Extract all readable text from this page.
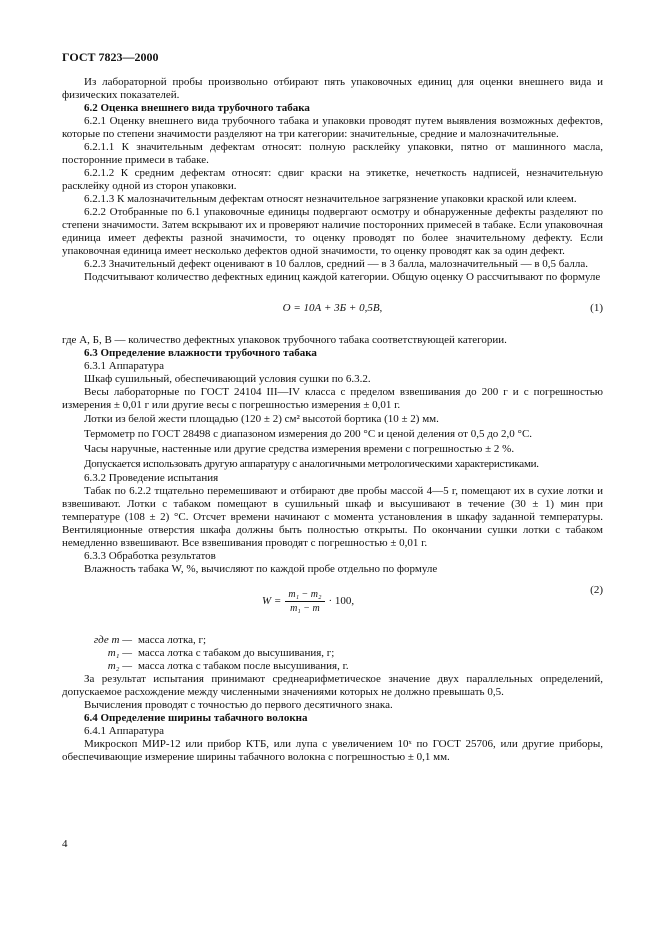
ГОСТ 7823—2000

Из лабораторной пробы произвольно отбирают пять упаковочных единиц для оценки внешнего вида и физических показателей.

6.2 Оценка внешнего вида трубочного табака

6.2.1 Оценку внешнего вида трубочного табака и упаковки проводят путем выявления возможных дефектов, которые по степени значимости разделяют на три категории: значительные, средние и малозначительные.

6.2.1.1 К значительным дефектам относят: полную расклейку упаковки, пятно от машинного масла, посторонние примеси в табаке.

6.2.1.2 К средним дефектам относят: сдвиг краски на этикетке, нечеткость надписей, незначительную расклейку одной из сторон упаковки.

6.2.1.3 К малозначительным дефектам относят незначительное загрязнение упаковки краской или клеем.

6.2.2 Отобранные по 6.1 упаковочные единицы подвергают осмотру и обнаруженные дефекты разделяют по степени значимости. Затем вскрывают их и проверяют наличие посторонних примесей в табаке. Если упаковочная единица имеет дефекты разной значимости, то оценку проводят по более значительному дефекту. Если упаковочная единица имеет несколько дефектов одной значимости, то оценку проводят как за один дефект.

6.2.3 Значительный дефект оценивают в 10 баллов, средний — в 3 балла, малозначительный — в 0,5 балла.

Подсчитывают количество дефектных единиц каждой категории. Общую оценку О рассчитывают по формуле

О = 10А + 3Б + 0,5В,	(1)

где А, Б, В — количество дефектных упаковок трубочного табака соответствующей категории.

6.3 Определение влажности трубочного табака

6.3.1 Аппаратура

Шкаф сушильный, обеспечивающий условия сушки по 6.3.2.

Весы лабораторные по ГОСТ 24104 III—IV класса с пределом взвешивания до 200 г и с погрешностью измерения ± 0,01 г или другие весы с погрешностью измерения ± 0,01 г.

Лотки из белой жести площадью (120 ± 2) см² высотой бортика (10 ± 2) мм.

Термометр по ГОСТ 28498 с диапазоном измерения до 200 °С и ценой деления от 0,5 до 2,0 °С.

Часы наручные, настенные или другие средства измерения времени с погрешностью ± 2 %.

Допускается использовать другую аппаратуру с аналогичными метрологическими характеристиками.

6.3.2 Проведение испытания

Табак по 6.2.2 тщательно перемешивают и отбирают две пробы массой 4—5 г, помещают их в сухие лотки и взвешивают. Лотки с табаком помещают в сушильный шкаф и высушивают в течение (30 ± 1) мин при температуре (108 ± 2) °С. Отсчет времени начинают с момента установления в шкафу заданной температуры. Вентиляционные отверстия шкафа должны быть полностью открыты. По окончании сушки лотки с табаком немедленно взвешивают. Все взвешивания проводят с погрешностью ± 0,01 г.

6.3.3 Обработка результатов

Влажность табака W, %, вычисляют по каждой пробе отдельно по формуле

$W = \frac{\text{m₁ − m₂}}{\text{m₁ − m}} \cdot 100$,
(2)
где m — масса лотка, г;
m₁ — масса лотка с табаком до высушивания, г;
m₂ — масса лотка с табаком после высушивания, г.

За результат испытания принимают среднеарифметическое значение двух параллельных определений, допускаемое расхождение между численными значениями которых не должно превышать 0,5.

Вычисления проводят с точностью до первого десятичного знака.

6.4 Определение ширины табачного волокна

6.4.1 Аппаратура

Микроскоп МИР-12 или прибор КТБ, или лупа с увеличением 10ˣ по ГОСТ 25706, или другие приборы, обеспечивающие измерение ширины табачного волокна с погрешностью ± 0,1 мм.

4
